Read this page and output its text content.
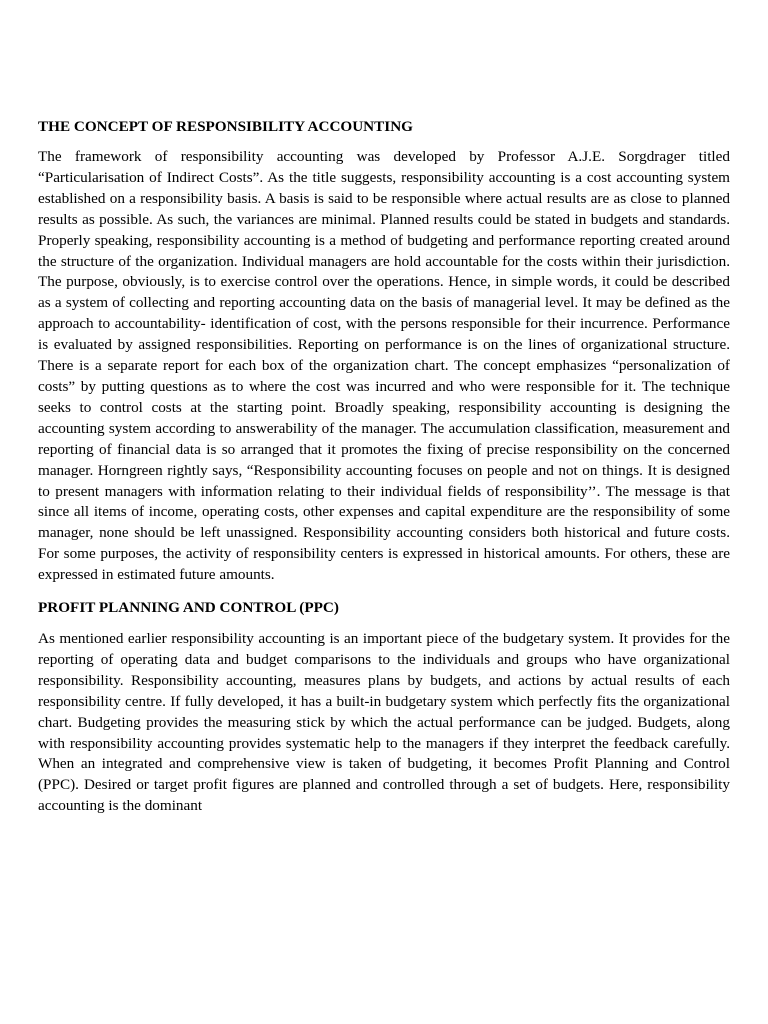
THE CONCEPT OF RESPONSIBILITY ACCOUNTING

The framework of responsibility accounting was developed by Professor A.J.E. Sorgdrager titled “Particularisation of Indirect Costs”. As the title suggests, responsibility accounting is a cost accounting system established on a responsibility basis. A basis is said to be responsible where actual results are as close to planned results as possible. As such, the variances are minimal. Planned results could be stated in budgets and standards. Properly speaking, responsibility accounting is a method of budgeting and performance reporting created around the structure of the organization. Individual managers are hold accountable for the costs within their jurisdiction. The purpose, obviously, is to exercise control over the operations. Hence, in simple words, it could be described as a system of collecting and reporting accounting data on the basis of managerial level. It may be defined as the approach to accountability- identification of cost, with the persons responsible for their incurrence. Performance is evaluated by assigned responsibilities. Reporting on performance is on the lines of organizational structure. There is a separate report for each box of the organization chart. The concept emphasizes “personalization of costs” by putting questions as to where the cost was incurred and who were responsible for it. The technique seeks to control costs at the starting point. Broadly speaking, responsibility accounting is designing the accounting system according to answerability of the manager. The accumulation classification, measurement and reporting of financial data is so arranged that it promotes the fixing of precise responsibility on the concerned manager. Horngreen rightly says, “Responsibility accounting focuses on people and not on things. It is designed to present managers with information relating to their individual fields of responsibility’’. The message is that since all items of income, operating costs, other expenses and capital expenditure are the responsibility of some manager, none should be left unassigned. Responsibility accounting considers both historical and future costs. For some purposes, the activity of responsibility centers is expressed in historical amounts. For others, these are expressed in estimated future amounts.

PROFIT PLANNING AND CONTROL (PPC)

As mentioned earlier responsibility accounting is an important piece of the budgetary system. It provides for the reporting of operating data and budget comparisons to the individuals and groups who have organizational responsibility. Responsibility accounting, measures plans by budgets, and actions by actual results of each responsibility centre. If fully developed, it has a built-in budgetary system which perfectly fits the organizational chart. Budgeting provides the measuring stick by which the actual performance can be judged. Budgets, along with responsibility accounting provides systematic help to the managers if they interpret the feedback carefully. When an integrated and comprehensive view is taken of budgeting, it becomes Profit Planning and Control (PPC). Desired or target profit figures are planned and controlled through a set of budgets. Here, responsibility accounting is the dominant
